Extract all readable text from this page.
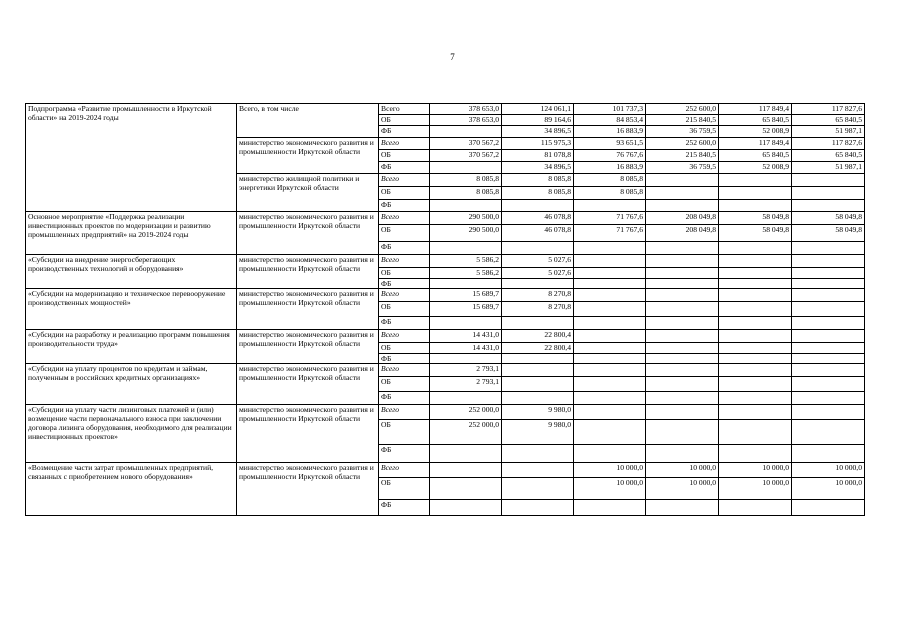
7
Подпрограмма «Развитие промышленности в Иркутской области» на 2019-2024 годы	Всего, в том числе	Всего	378 653,0	124 061,1	101 737,3	252 600,0	117 849,4	117 827,6
		ОБ	378 653,0	89 164,6	84 853,4	215 840,5	65 840,5	65 840,5
		ФБ		34 896,5	16 883,9	36 759,5	52 008,9	51 987,1
	министерство экономического развития и промышленности Иркутской области	Всего	370 567,2	115 975,3	93 651,5	252 600,0	117 849,4	117 827,6
		ОБ	370 567,2	81 078,8	76 767,6	215 840,5	65 840,5	65 840,5
		ФБ		34 896,5	16 883,9	36 759,5	52 008,9	51 987,1
	министерство жилищной политики и энергетики Иркутской области	Всего	8 085,8	8 085,8	8 085,8			
		ОБ	8 085,8	8 085,8	8 085,8			
		ФБ						
Основное мероприятие «Поддержка реализации инвестиционных проектов по модернизации и развитию промышленных предприятий» на 2019-2024 годы	министерство экономического развития и промышленности Иркутской области	Всего	290 500,0	46 078,8	71 767,6	208 049,8	58 049,8	58 049,8
		ОБ	290 500,0	46 078,8	71 767,6	208 049,8	58 049,8	58 049,8
		ФБ						
«Субсидии на внедрение энергосберегающих производственных технологий и оборудования»	министерство экономического развития и промышленности Иркутской области	Всего	5 586,2	5 027,6				
		ОБ	5 586,2	5 027,6				
		ФБ						
«Субсидии на модернизацию и техническое перевооружение производственных мощностей»	министерство экономического развития и промышленности Иркутской области	Всего	15 689,7	8 270,8				
		ОБ	15 689,7	8 270,8				
		ФБ						
«Субсидии на разработку и реализацию программ повышения производительности труда»	министерство экономического развития и промышленности Иркутской области	Всего	14 431,0	22 800,4				
		ОБ	14 431,0	22 800,4				
		ФБ						
«Субсидии на уплату процентов по кредитам и займам, полученным в российских кредитных организациях»	министерство экономического развития и промышленности Иркутской области	Всего	2 793,1					
		ОБ	2 793,1					
		ФБ						
«Субсидии на уплату части лизинговых платежей и (или) возмещение части первоначального взноса при заключении договора лизинга оборудования, необходимого для реализации инвестиционных проектов»	министерство экономического развития и промышленности Иркутской области	Всего	252 000,0	9 980,0				
		ОБ	252 000,0	9 980,0				
		ФБ						
«Возмещение части затрат промышленных предприятий, связанных с приобретением нового оборудования»	министерство экономического развития и промышленности Иркутской области	Всего			10 000,0	10 000,0	10 000,0	10 000,0
		ОБ			10 000,0	10 000,0	10 000,0	10 000,0
		ФБ						
